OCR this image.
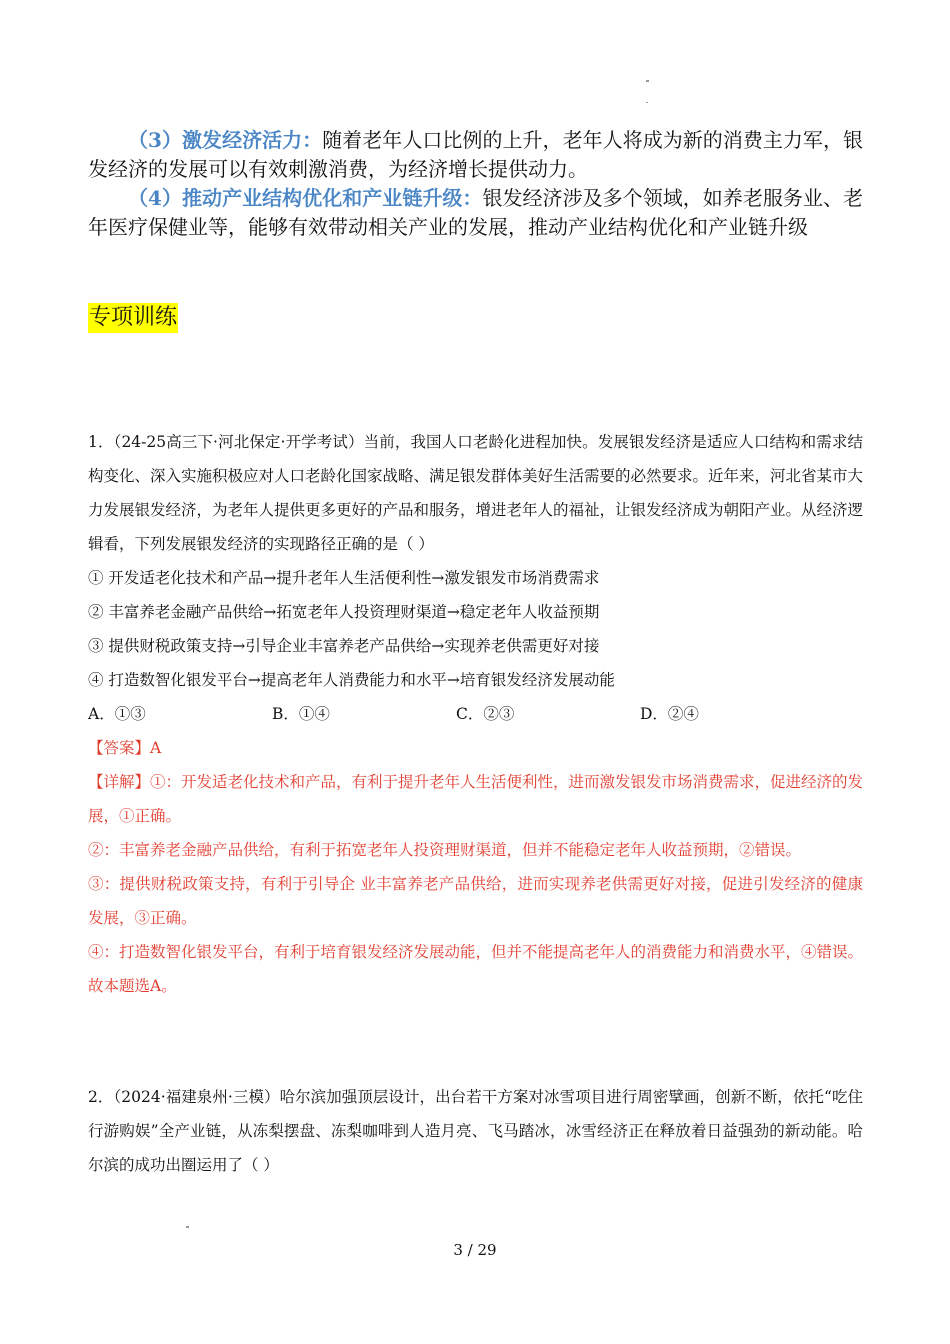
（3）激发经济活力：随着老年人口比例的上升，老年人将成为新的消费主力军，银发经济的发展可以有效刺激消费，为经济增长提供动力。

（4）推动产业结构优化和产业链升级：银发经济涉及多个领域，如养老服务业、老年医疗保健业等，能够有效带动相关产业的发展，推动产业结构优化和产业链升级

专项训练

1．（24-25高三下·河北保定·开学考试）当前，我国人口老龄化进程加快。发展银发经济是适应人口结构和需求结构变化、深入实施积极应对人口老龄化国家战略、满足银发群体美好生活需要的必然要求。近年来，河北省某市大力发展银发经济，为老年人提供更多更好的产品和服务，增进老年人的福祉，让银发经济成为朝阳产业。从经济逻辑看，下列发展银发经济的实现路径正确的是（ ）

① 开发适老化技术和产品→提升老年人生活便利性→激发银发市场消费需求

② 丰富养老金融产品供给→拓宽老年人投资理财渠道→稳定老年人收益预期

③ 提供财税政策支持→引导企业丰富养老产品供给→实现养老供需更好对接

④ 打造数智化银发平台→提高老年人消费能力和水平→培育银发经济发展动能

A．①③	B．①④	C．②③	D．②④

【答案】A

【详解】①：开发适老化技术和产品，有利于提升老年人生活便利性，进而激发银发市场消费需求，促进经济的发展，①正确。

②：丰富养老金融产品供给，有利于拓宽老年人投资理财渠道，但并不能稳定老年人收益预期，②错误。

③：提供财税政策支持，有利于引导企 业丰富养老产品供给，进而实现养老供需更好对接，促进引发经济的健康发展，③正确。

④：打造数智化银发平台，有利于培育银发经济发展动能，但并不能提高老年人的消费能力和消费水平，④错误。

故本题选A。

2．（2024·福建泉州·三模）哈尔滨加强顶层设计，出台若干方案对冰雪项目进行周密擘画，创新不断，依托“吃住行游购娱”全产业链，从冻梨摆盘、冻梨咖啡到人造月亮、飞马踏冰，冰雪经济正在释放着日益强劲的新动能。哈尔滨的成功出圈运用了（ ）

3 / 29
